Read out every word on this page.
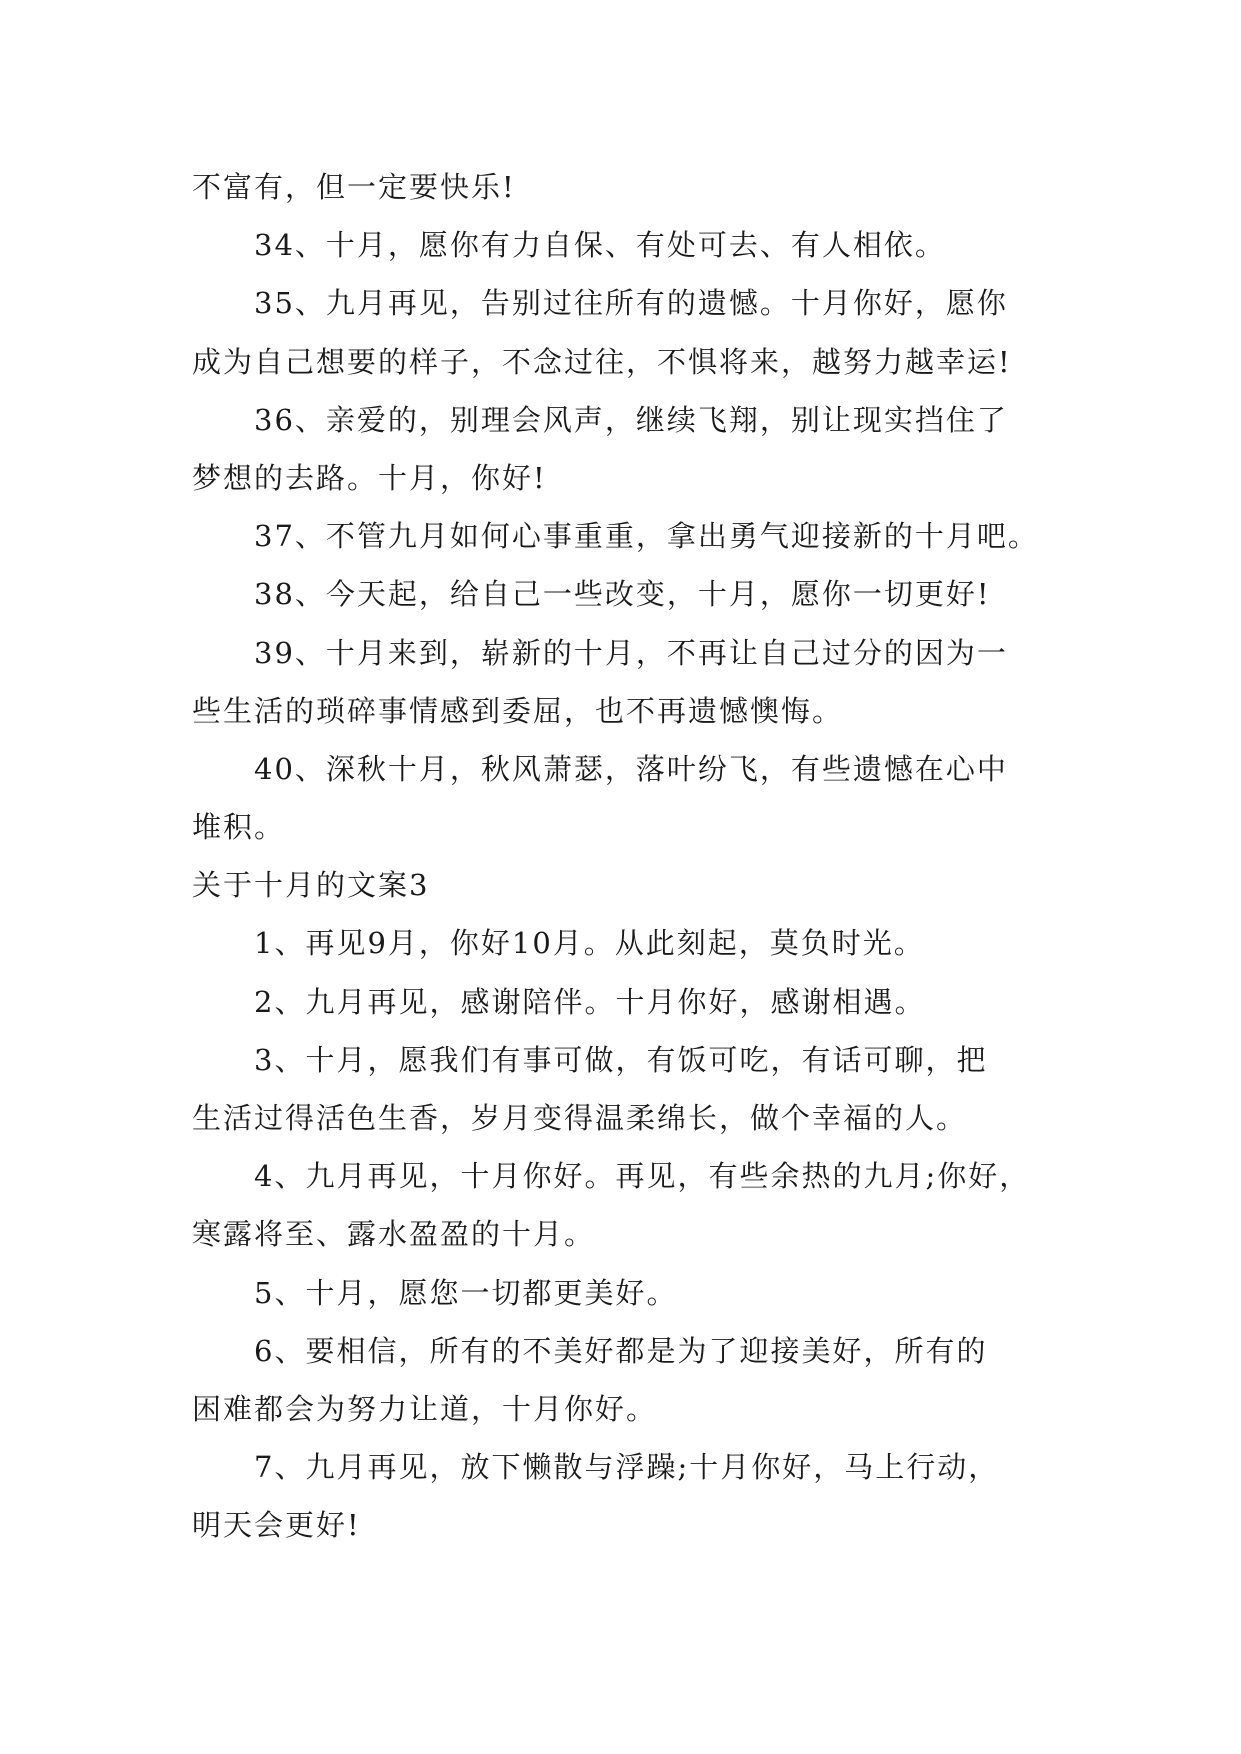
不富有，但一定要快乐!
34、十月，愿你有力自保、有处可去、有人相依。
35、九月再见，告别过往所有的遗憾。十月你好，愿你
成为自己想要的样子，不念过往，不惧将来，越努力越幸运!
36、亲爱的，别理会风声，继续飞翔，别让现实挡住了
梦想的去路。十月，你好!
37、不管九月如何心事重重，拿出勇气迎接新的十月吧。
38、今天起，给自己一些改变，十月，愿你一切更好!
39、十月来到，崭新的十月，不再让自己过分的因为一
些生活的琐碎事情感到委屈，也不再遗憾懊悔。
40、深秋十月，秋风萧瑟，落叶纷飞，有些遗憾在心中
堆积。
关于十月的文案3
1、再见9月，你好10月。从此刻起，莫负时光。
2、九月再见，感谢陪伴。十月你好，感谢相遇。
3、十月，愿我们有事可做，有饭可吃，有话可聊，把
生活过得活色生香，岁月变得温柔绵长，做个幸福的人。
4、九月再见，十月你好。再见，有些余热的九月;你好，
寒露将至、露水盈盈的十月。
5、十月，愿您一切都更美好。
6、要相信，所有的不美好都是为了迎接美好，所有的
困难都会为努力让道，十月你好。
7、九月再见，放下懒散与浮躁;十月你好，马上行动，
明天会更好!
